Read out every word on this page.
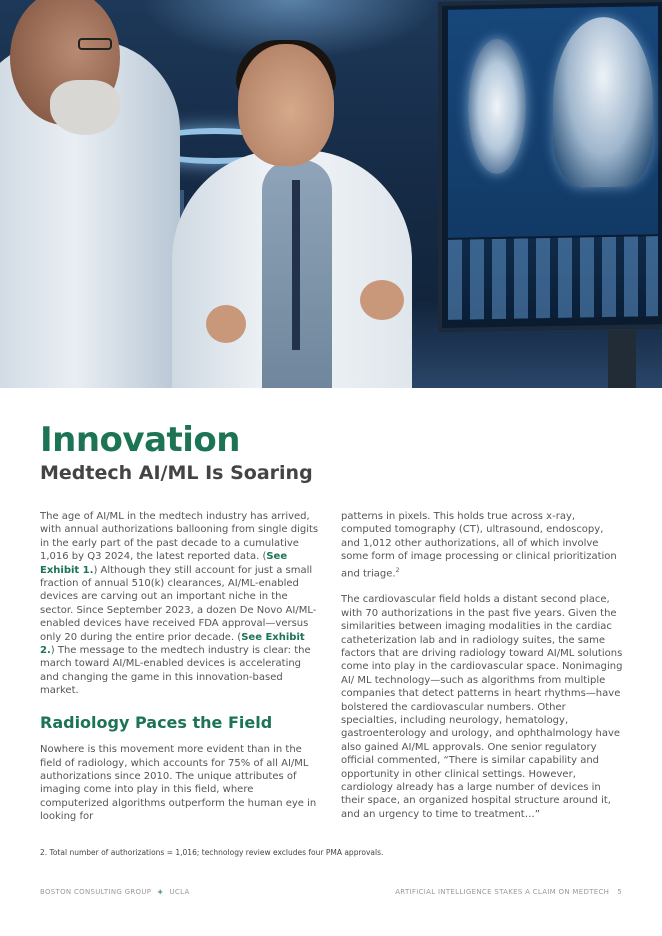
Innovation
Medtech AI/ML Is Soaring

The age of AI/ML in the medtech industry has arrived, with annual authorizations ballooning from single digits in the early part of the past decade to a cumulative 1,016 by Q3 2024, the latest reported data. (See Exhibit 1.) Although they still account for just a small fraction of annual 510(k) clearances, AI/ML-enabled devices are carving out an important niche in the sector. Since September 2023, a dozen De Novo AI/ML-enabled devices have received FDA approval—versus only 20 during the entire prior decade. (See Exhibit 2.) The message to the medtech industry is clear: the march toward AI/ML-enabled devices is accelerating and changing the game in this innovation-based market.

Radiology Paces the Field

Nowhere is this movement more evident than in the field of radiology, which accounts for 75% of all AI/ML authorizations since 2010. The unique attributes of imaging come into play in this field, where computerized algorithms outperform the human eye in looking for

patterns in pixels. This holds true across x-ray, computed tomography (CT), ultrasound, endoscopy, and 1,012 other authorizations, all of which involve some form of image processing or clinical prioritization and triage.$^2$

The cardiovascular field holds a distant second place, with 70 authorizations in the past five years. Given the similarities between imaging modalities in the cardiac catheterization lab and in radiology suites, the same factors that are driving radiology toward AI/ML solutions come into play in the cardiovascular space. Nonimaging AI/ ML technology—such as algorithms from multiple companies that detect patterns in heart rhythms—have bolstered the cardiovascular numbers. Other specialties, including neurology, hematology, gastroenterology and urology, and ophthalmology have also gained AI/ML approvals. One senior regulatory official commented, “There is similar capability and opportunity in other clinical settings. However, cardiology already has a large number of devices in their space, an organized hospital structure around it, and an urgency to time to treatment…”

2. Total number of authorizations = 1,016; technology review excludes four PMA approvals.
BOSTON CONSULTING GROUP + UCLA	ARTIFICIAL INTELLIGENCE STAKES A CLAIM ON MEDTECH 5
